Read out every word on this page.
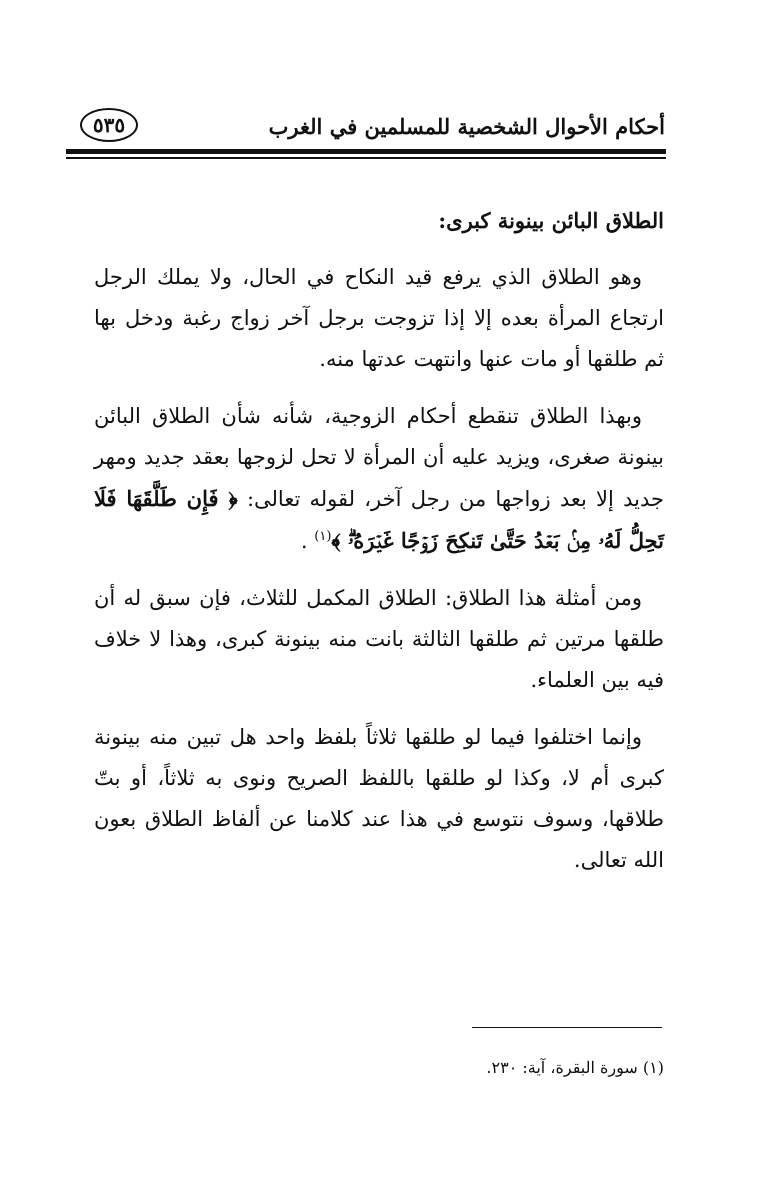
أحكام الأحوال الشخصية للمسلمين في الغرب
٥٣٥
الطلاق البائن بينونة كبرى:

وهو الطلاق الذي يرفع قيد النكاح في الحال، ولا يملك الرجل ارتجاع المرأة بعده إلا إذا تزوجت برجل آخر زواج رغبة ودخل بها ثم طلقها أو مات عنها وانتهت عدتها منه.

وبهذا الطلاق تنقطع أحكام الزوجية، شأنه شأن الطلاق البائن بينونة صغرى، ويزيد عليه أن المرأة لا تحل لزوجها بعقد جديد ومهر جديد إلا بعد زواجها من رجل آخر، لقوله تعالى: ﴿ فَإِن طَلَّقَهَا فَلَا تَحِلُّ لَهُۥ مِنۢ بَعۡدُ حَتَّىٰ تَنكِحَ زَوۡجًا غَيۡرَهُۥۗ ﴾$^{(١)}$ .

ومن أمثلة هذا الطلاق: الطلاق المكمل للثلاث، فإن سبق له أن طلقها مرتين ثم طلقها الثالثة بانت منه بينونة كبرى، وهذا لا خلاف فيه بين العلماء.

وإنما اختلفوا فيما لو طلقها ثلاثاً بلفظ واحد هل تبين منه بينونة كبرى أم لا، وكذا لو طلقها باللفظ الصريح ونوى به ثلاثاً، أو بتّ طلاقها، وسوف نتوسع في هذا عند كلامنا عن ألفاظ الطلاق بعون الله تعالى.

(١) سورة البقرة، آية: ٢٣٠.
